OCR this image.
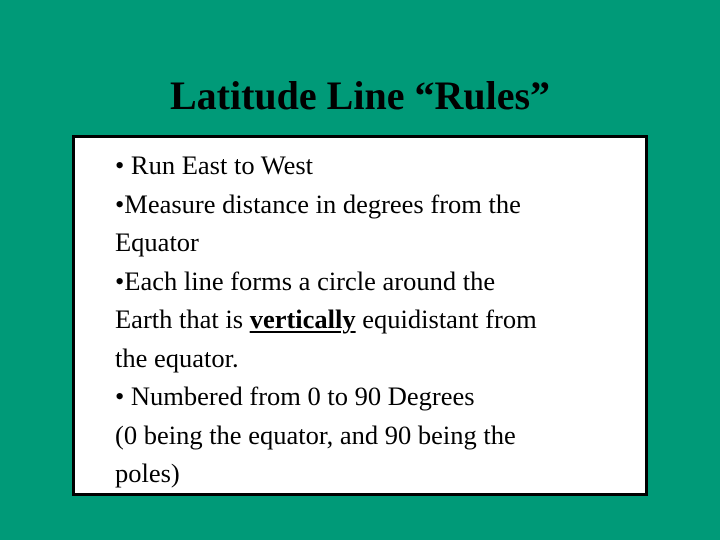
Latitude Line “Rules”
• Run East to West
•Measure distance in degrees from the
Equator
•Each line forms a circle around the
Earth that is vertically equidistant from
the equator.
• Numbered from 0 to 90 Degrees
(0 being the equator, and 90 being the
poles)
